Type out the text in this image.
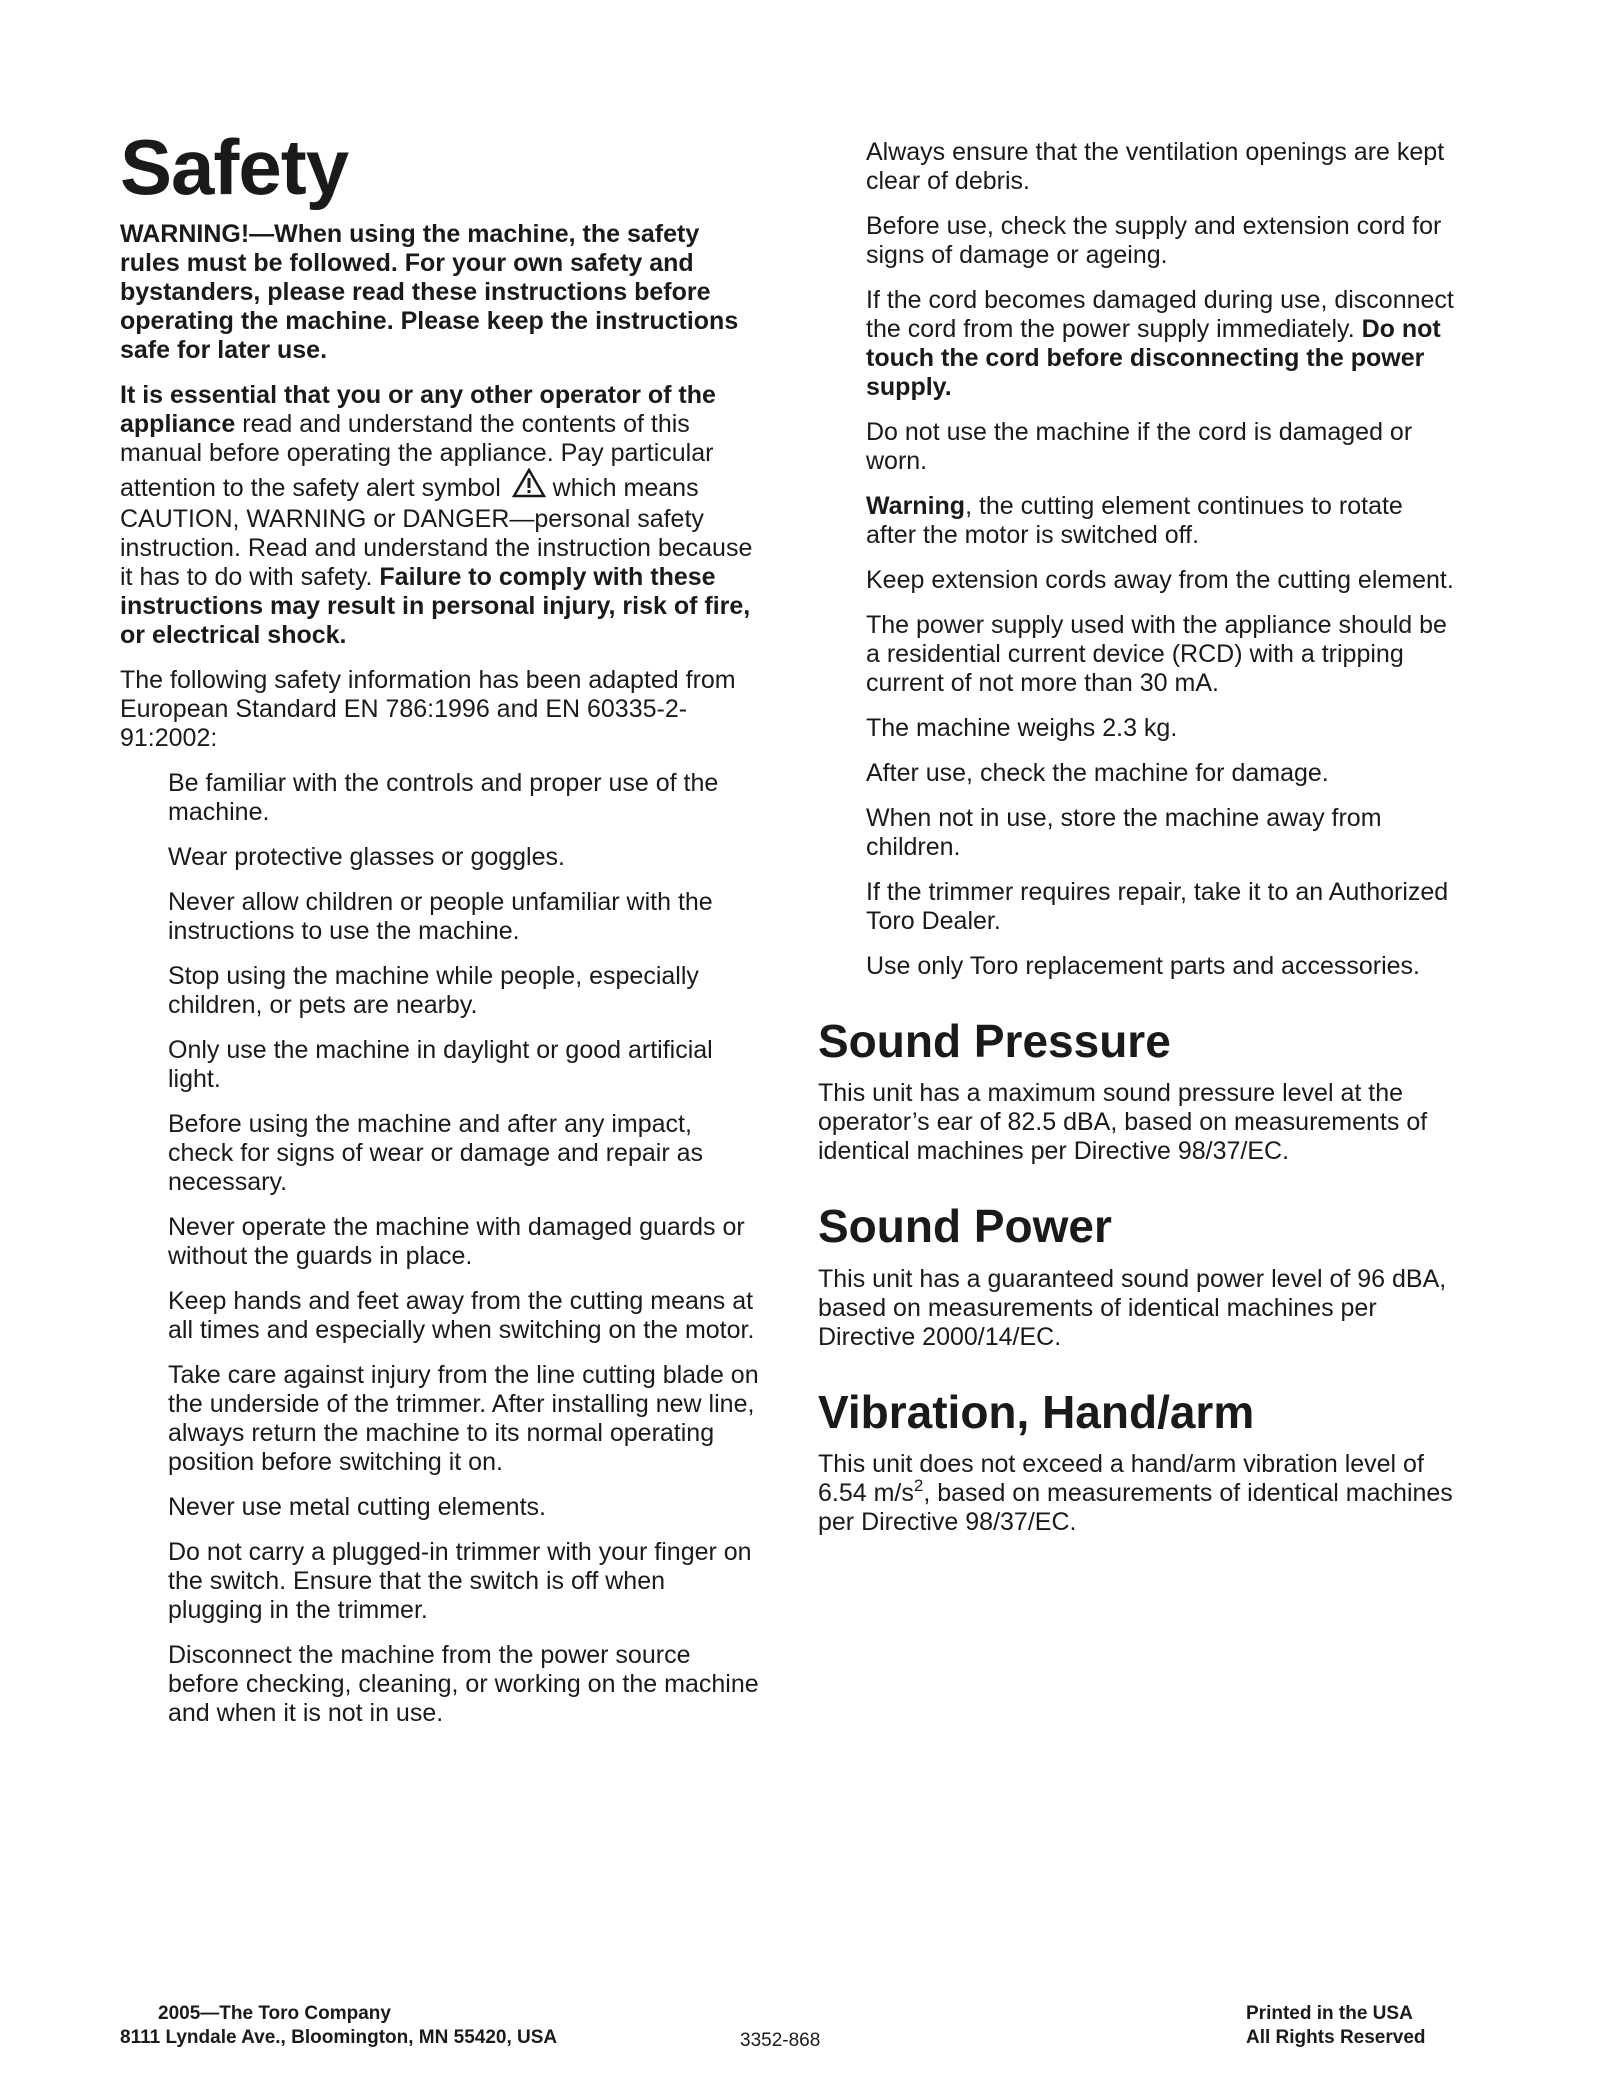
Safety

WARNING!—When using the machine, the safety rules must be followed. For your own safety and bystanders, please read these instructions before operating the machine. Please keep the instructions safe for later use.

It is essential that you or any other operator of the appliance read and understand the contents of this manual before operating the appliance. Pay particular attention to the safety alert symbol  which means CAUTION, WARNING or DANGER—personal safety instruction. Read and understand the instruction because it has to do with safety. Failure to comply with these instructions may result in personal injury, risk of fire, or electrical shock.

The following safety information has been adapted from European Standard EN 786:1996 and EN 60335-2-91:2002:

Be familiar with the controls and proper use of the machine.

Wear protective glasses or goggles.

Never allow children or people unfamiliar with the instructions to use the machine.

Stop using the machine while people, especially children, or pets are nearby.

Only use the machine in daylight or good artificial light.

Before using the machine and after any impact, check for signs of wear or damage and repair as necessary.

Never operate the machine with damaged guards or without the guards in place.

Keep hands and feet away from the cutting means at all times and especially when switching on the motor.

Take care against injury from the line cutting blade on the underside of the trimmer. After installing new line, always return the machine to its normal operating position before switching it on.

Never use metal cutting elements.

Do not carry a plugged-in trimmer with your finger on the switch. Ensure that the switch is off when plugging in the trimmer.

Disconnect the machine from the power source before checking, cleaning, or working on the machine and when it is not in use.

Always ensure that the ventilation openings are kept clear of debris.

Before use, check the supply and extension cord for signs of damage or ageing.

If the cord becomes damaged during use, disconnect the cord from the power supply immediately. Do not touch the cord before disconnecting the power supply.

Do not use the machine if the cord is damaged or worn.

Warning, the cutting element continues to rotate after the motor is switched off.

Keep extension cords away from the cutting element.

The power supply used with the appliance should be a residential current device (RCD) with a tripping current of not more than 30 mA.

The machine weighs 2.3 kg.

After use, check the machine for damage.

When not in use, store the machine away from children.

If the trimmer requires repair, take it to an Authorized Toro Dealer.

Use only Toro replacement parts and accessories.

Sound Pressure

This unit has a maximum sound pressure level at the operator’s ear of 82.5 dBA, based on measurements of identical machines per Directive 98/37/EC.

Sound Power

This unit has a guaranteed sound power level of 96 dBA, based on measurements of identical machines per Directive 2000/14/EC.

Vibration, Hand/arm

This unit does not exceed a hand/arm vibration level of 6.54 $m/s^2$, based on measurements of identical machines per Directive 98/37/EC.

2005—The Toro Company
8111 Lyndale Ave., Bloomington, MN 55420, USA	3352-868
Printed in the USA
All Rights Reserved
